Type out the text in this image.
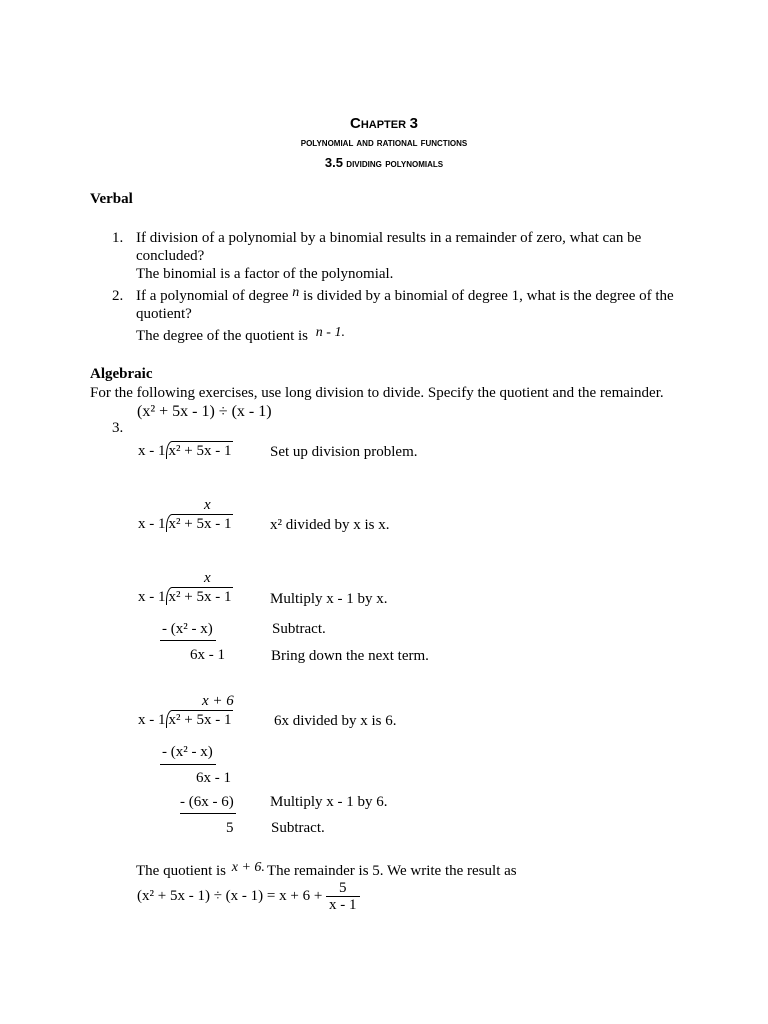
CHAPTER 3
polynomial and rational functions
3.5 dividing polynomials
Verbal
1. If division of a polynomial by a binomial results in a remainder of zero, what can be
concluded?
The binomial is a factor of the polynomial.
2. If a polynomial of degree n is divided by a binomial of degree 1, what is the degree of the
quotient?
The degree of the quotient is n - 1.
Algebraic
For the following exercises, use long division to divide. Specify the quotient and the remainder.
3.
(x² + 5x - 1) ÷ (x - 1)
x - 1 x² + 5x - 1	Set up division problem.
x
x - 1 x² + 5x - 1	x² divided by x is x.
x
x - 1 x² + 5x - 1	Multiply x - 1 by x.
- (x² - x)	Subtract.
6x - 1	Bring down the next term.
x + 6
x - 1 x² + 5x - 1	6x divided by x is 6.
- (x² - x)
6x - 1
- (6x - 6) Multiply x - 1 by 6.
5	Subtract.
The quotient is x + 6. The remainder is 5. We write the result as
$(x^2 + 5x - 1) \div (x - 1) = x + 6 + \frac{5}{x - 1}$
